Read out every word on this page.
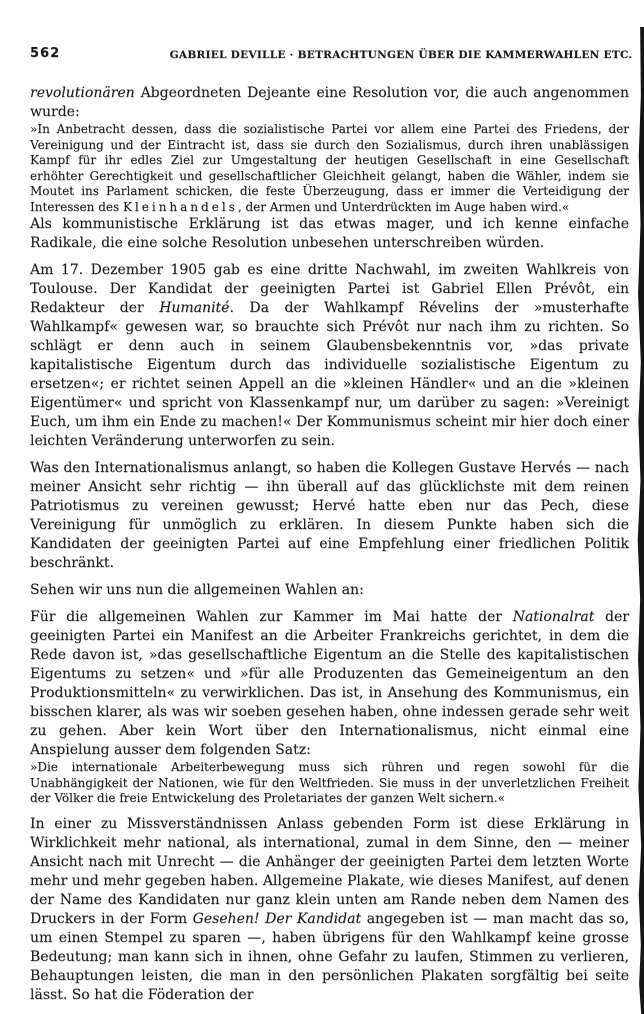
562	GABRIEL DEVILLE · BETRACHTUNGEN ÜBER DIE KAMMERWAHLEN ETC.

revolutionären Abgeordneten Dejeante eine Resolution vor, die auch angenommen wurde:

»In Anbetracht dessen, dass die sozialistische Partei vor allem eine Partei des Friedens, der Vereinigung und der Eintracht ist, dass sie durch den Sozialismus, durch ihren unablässigen Kampf für ihr edles Ziel zur Umgestaltung der heutigen Gesellschaft in eine Gesellschaft erhöhter Gerechtigkeit und gesellschaftlicher Gleichheit gelangt, haben die Wähler, indem sie Moutet ins Parlament schicken, die feste Überzeugung, dass er immer die Verteidigung der Interessen des Kleinhandels, der Armen und Unterdrückten im Auge haben wird.«

Als kommunistische Erklärung ist das etwas mager, und ich kenne einfache Radikale, die eine solche Resolution unbesehen unterschreiben würden.

Am 17. Dezember 1905 gab es eine dritte Nachwahl, im zweiten Wahlkreis von Toulouse. Der Kandidat der geeinigten Partei ist Gabriel Ellen Prévôt, ein Redakteur der Humanité. Da der Wahlkampf Révelins der »musterhafte Wahlkampf« gewesen war, so brauchte sich Prévôt nur nach ihm zu richten. So schlägt er denn auch in seinem Glaubensbekenntnis vor, »das private kapitalistische Eigentum durch das individuelle sozialistische Eigentum zu ersetzen«; er richtet seinen Appell an die »kleinen Händler« und an die »kleinen Eigentümer« und spricht von Klassenkampf nur, um darüber zu sagen: »Vereinigt Euch, um ihm ein Ende zu machen!« Der Kommunismus scheint mir hier doch einer leichten Veränderung unterworfen zu sein.

Was den Internationalismus anlangt, so haben die Kollegen Gustave Hervés — nach meiner Ansicht sehr richtig — ihn überall auf das glücklichste mit dem reinen Patriotismus zu vereinen gewusst; Hervé hatte eben nur das Pech, diese Vereinigung für unmöglich zu erklären. In diesem Punkte haben sich die Kandidaten der geeinigten Partei auf eine Empfehlung einer friedlichen Politik beschränkt.

Sehen wir uns nun die allgemeinen Wahlen an:

Für die allgemeinen Wahlen zur Kammer im Mai hatte der Nationalrat der geeinigten Partei ein Manifest an die Arbeiter Frankreichs gerichtet, in dem die Rede davon ist, »das gesellschaftliche Eigentum an die Stelle des kapitalistischen Eigentums zu setzen« und »für alle Produzenten das Gemeineigentum an den Produktionsmitteln« zu verwirklichen. Das ist, in Ansehung des Kommunismus, ein bisschen klarer, als was wir soeben gesehen haben, ohne indessen gerade sehr weit zu gehen. Aber kein Wort über den Internationalismus, nicht einmal eine Anspielung ausser dem folgenden Satz:

»Die internationale Arbeiterbewegung muss sich rühren und regen sowohl für die Unabhängigkeit der Nationen, wie für den Weltfrieden. Sie muss in der unverletzlichen Freiheit der Völker die freie Entwickelung des Proletariates der ganzen Welt sichern.«

In einer zu Missverständnissen Anlass gebenden Form ist diese Erklärung in Wirklichkeit mehr national, als international, zumal in dem Sinne, den — meiner Ansicht nach mit Unrecht — die Anhänger der geeinigten Partei dem letzten Worte mehr und mehr gegeben haben. Allgemeine Plakate, wie dieses Manifest, auf denen der Name des Kandidaten nur ganz klein unten am Rande neben dem Namen des Druckers in der Form Gesehen! Der Kandidat angegeben ist — man macht das so, um einen Stempel zu sparen —, haben übrigens für den Wahlkampf keine grosse Bedeutung; man kann sich in ihnen, ohne Gefahr zu laufen, Stimmen zu verlieren, Behauptungen leisten, die man in den persönlichen Plakaten sorgfältig bei seite lässt. So hat die Föderation der
